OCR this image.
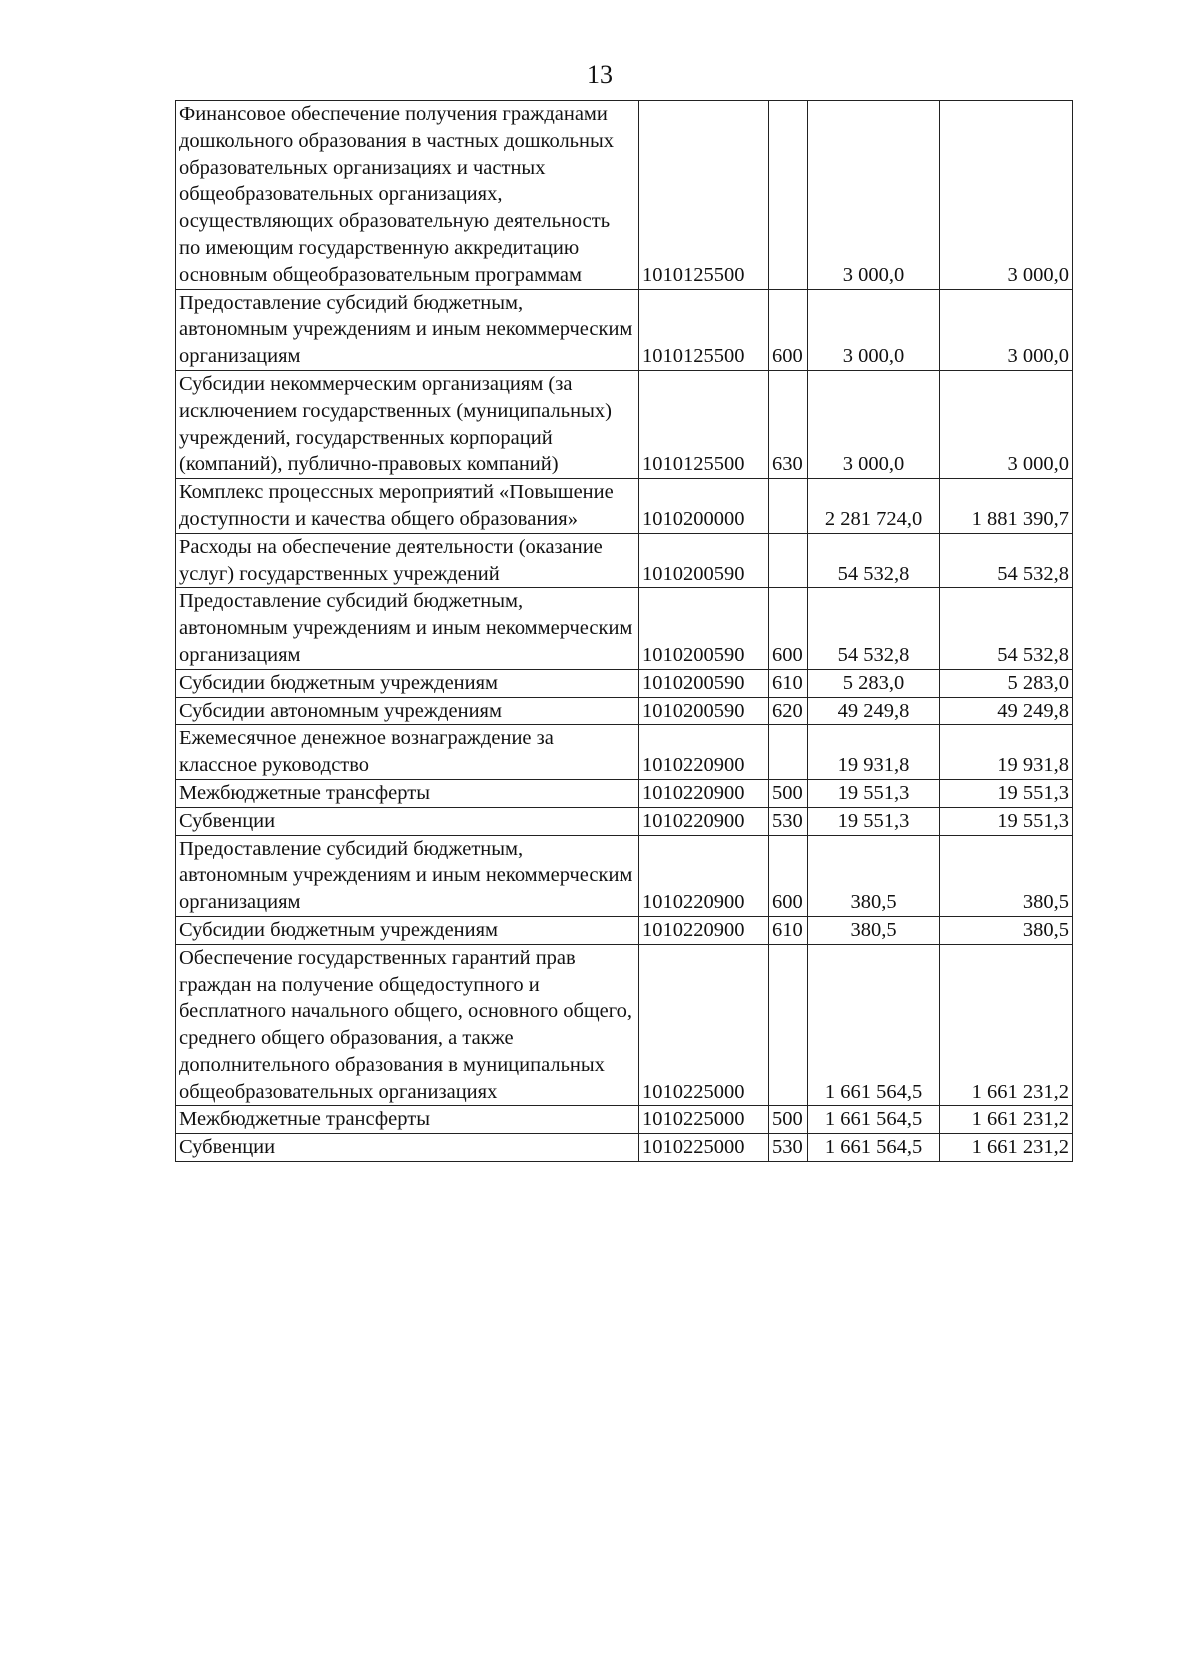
13
Финансовое обеспечение получения гражданами дошкольного образования в частных дошкольных образовательных организациях и частных общеобразовательных организациях, осуществляющих образовательную деятельность по имеющим государственную аккредитацию основным общеобразовательным программам	1010125500		3 000,0	3 000,0
Предоставление субсидий бюджетным, автономным учреждениям и иным некоммерческим организациям	1010125500	600	3 000,0	3 000,0
Субсидии некоммерческим организациям (за исключением государственных (муниципальных) учреждений, государственных корпораций (компаний), публично-правовых компаний)	1010125500	630	3 000,0	3 000,0
Комплекс процессных мероприятий «Повышение доступности и качества общего образования»	1010200000		2 281 724,0	1 881 390,7
Расходы на обеспечение деятельности (оказание услуг) государственных учреждений	1010200590		54 532,8	54 532,8
Предоставление субсидий бюджетным, автономным учреждениям и иным некоммерческим организациям	1010200590	600	54 532,8	54 532,8
Субсидии бюджетным учреждениям	1010200590	610	5 283,0	5 283,0
Субсидии автономным учреждениям	1010200590	620	49 249,8	49 249,8
Ежемесячное денежное вознаграждение за классное руководство	1010220900		19 931,8	19 931,8
Межбюджетные трансферты	1010220900	500	19 551,3	19 551,3
Субвенции	1010220900	530	19 551,3	19 551,3
Предоставление субсидий бюджетным, автономным учреждениям и иным некоммерческим организациям	1010220900	600	380,5	380,5
Субсидии бюджетным учреждениям	1010220900	610	380,5	380,5
Обеспечение государственных гарантий прав граждан на получение общедоступного и бесплатного начального общего, основного общего, среднего общего образования, а также дополнительного образования в муниципальных общеобразовательных организациях	1010225000		1 661 564,5	1 661 231,2
Межбюджетные трансферты	1010225000	500	1 661 564,5	1 661 231,2
Субвенции	1010225000	530	1 661 564,5	1 661 231,2
